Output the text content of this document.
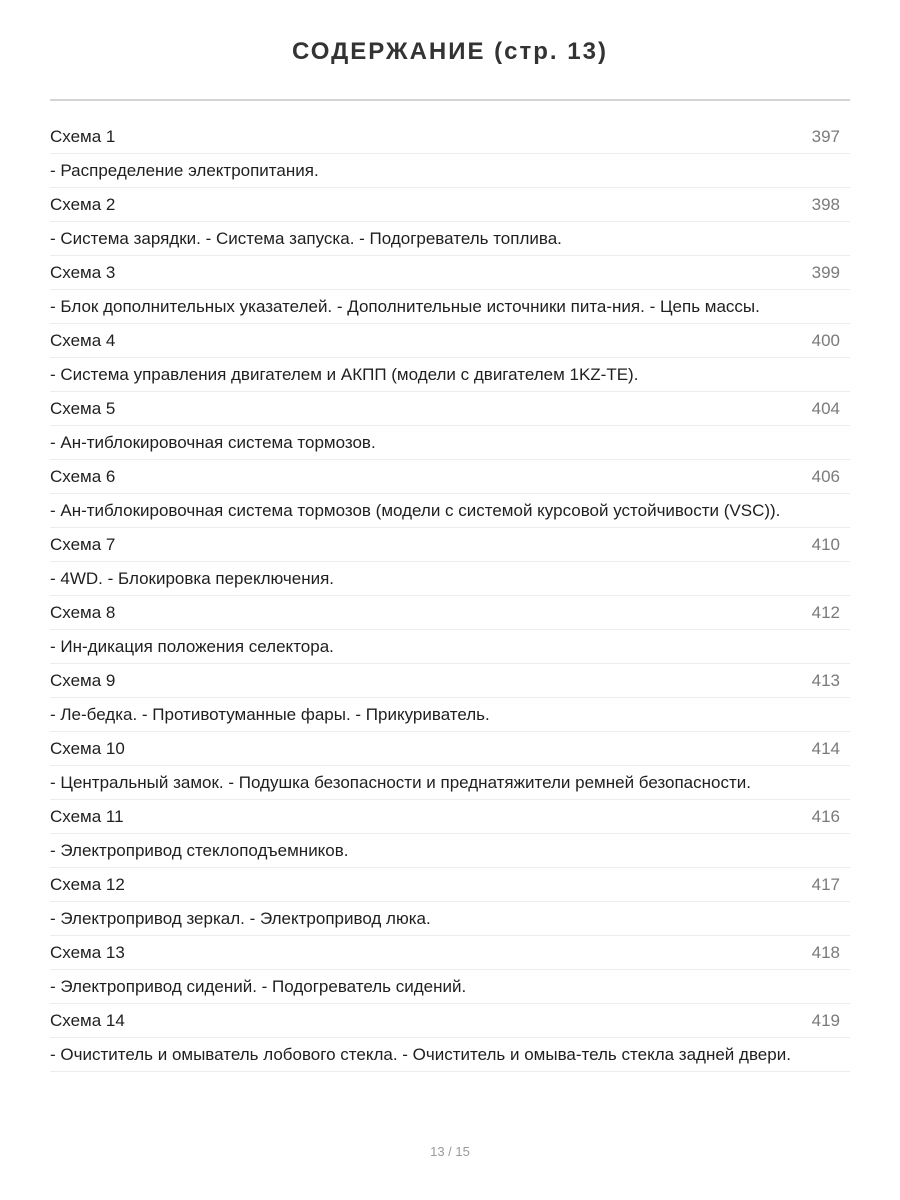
СОДЕРЖАНИЕ (стр. 13)
Схема 1	397
- Распределение электропитания.
Схема 2	398
- Система зарядки. - Система запуска. - Подогреватель топлива.
Схема 3	399
- Блок дополнительных указателей. - Дополнительные источники пита-ния. - Цепь массы.
Схема 4	400
- Система управления двигателем и АКПП (модели с двигателем 1KZ-TE).
Схема 5	404
- Ан-тиблокировочная система тормозов.
Схема 6	406
- Ан-тиблокировочная система тормозов (модели с системой курсовой устойчивости (VSC)).
Схема 7	410
- 4WD. - Блокировка переключения.
Схема 8	412
- Ин-дикация положения селектора.
Схема 9	413
- Ле-бедка. - Противотуманные фары. - Прикуриватель.
Схема 10	414
- Центральный замок. - Подушка безопасности и преднатяжители ремней безопасности.
Схема 11	416
- Электропривод стеклоподъемников.
Схема 12	417
- Электропривод зеркал. - Электропривод люка.
Схема 13	418
- Электропривод сидений. - Подогреватель сидений.
Схема 14	419
- Очиститель и омыватель лобового стекла. - Очиститель и омыва-тель стекла задней двери.
13 / 15
